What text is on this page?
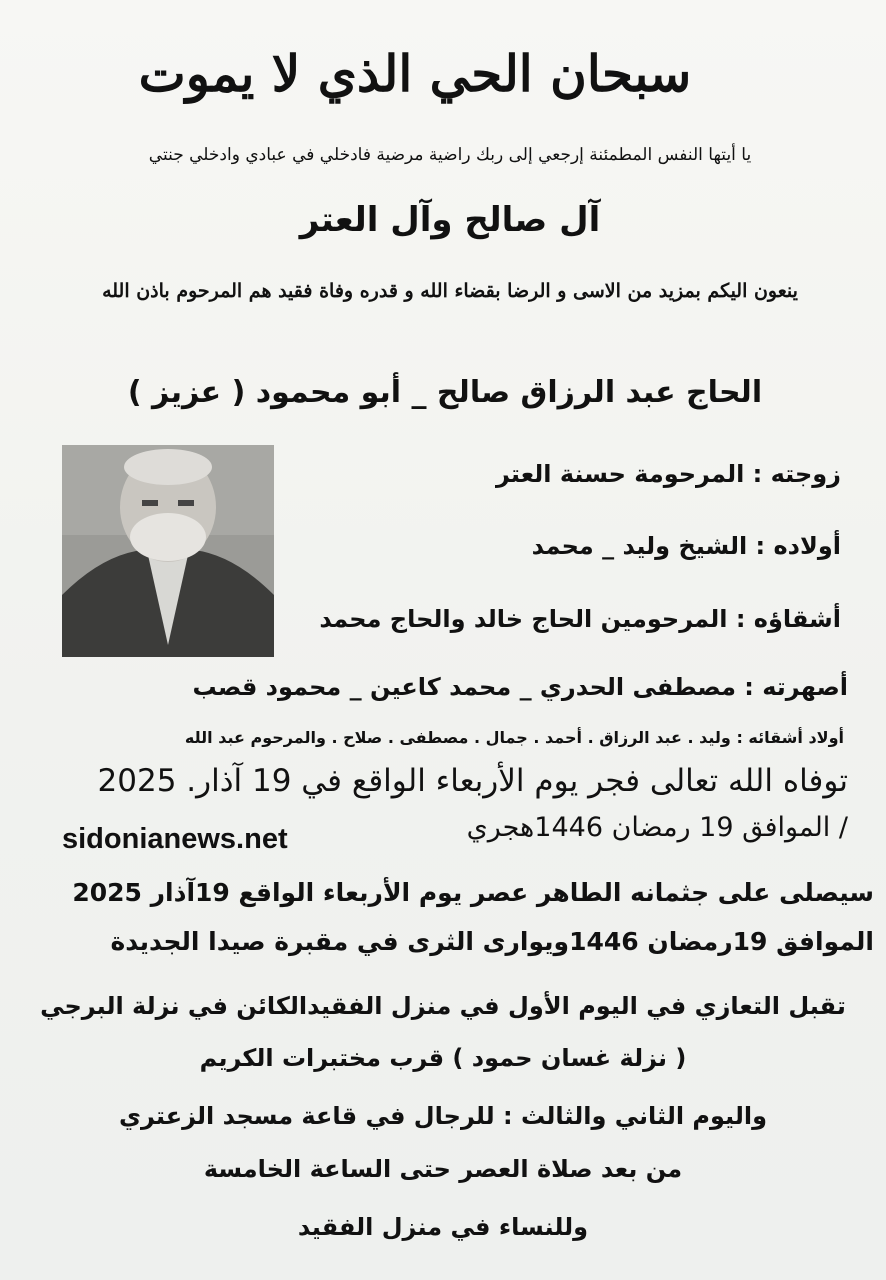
سبحان الحي الذي لا يموت
يا أيتها النفس المطمئنة إرجعي إلى ربك راضية مرضية فادخلي في عبادي وادخلي جنتي
آل صالح وآل العتر
ينعون اليكم بمزيد من الاسى و الرضا بقضاء الله و قدره وفاة فقيد هم المرحوم باذن الله
الحاج عبد الرزاق صالح _ أبو محمود ( عزيز )
زوجته : المرحومة حسنة العتر
أولاده : الشيخ وليد _ محمد
أشقاؤه : المرحومين الحاج خالد والحاج محمد
أصهرته : مصطفى الحدري _ محمد كاعين _ محمود قصب
أولاد أشقائه : وليد . عبد الرزاق . أحمد . جمال . مصطفى . صلاح . والمرحوم عبد الله
توفاه الله تعالى فجر يوم الأربعاء الواقع في 19 آذار. 2025
/ الموافق 19 رمضان 1446هجري
sidonianews.net
سيصلى على جثمانه الطاهر عصر يوم الأربعاء الواقع 19آذار 2025
الموافق 19رمضان 1446ويوارى الثرى في مقبرة صيدا الجديدة
تقبل التعازي في اليوم الأول في منزل الفقيدالكائن في نزلة البرجي
( نزلة غسان حمود ) قرب مختبرات الكريم
واليوم الثاني والثالث : للرجال في قاعة مسجد الزعتري
من بعد صلاة العصر حتى الساعة الخامسة
وللنساء في منزل الفقيد
